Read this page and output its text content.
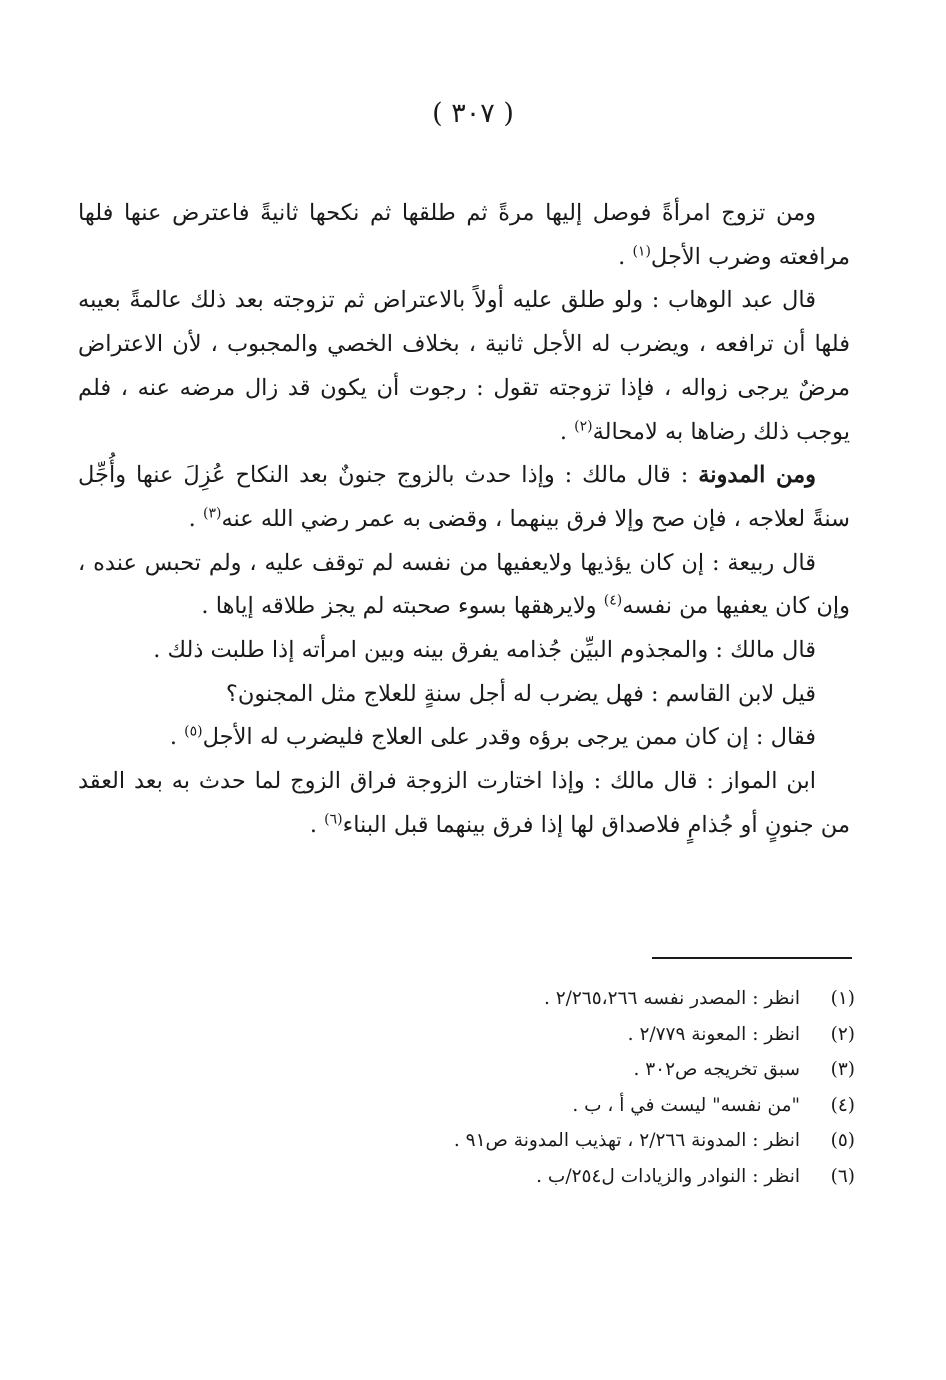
( ٣٠٧ )

ومن تزوج امرأةً فوصل إليها مرةً ثم طلقها ثم نكحها ثانيةً فاعترض عنها فلها مرافعته وضرب الأجل$^{(١)}$ .

قال عبد الوهاب : ولو طلق عليه أولاً بالاعتراض ثم تزوجته بعد ذلك عالمةً بعيبه فلها أن ترافعه ، ويضرب له الأجل ثانية ، بخلاف الخصي والمجبوب ، لأن الاعتراض مرضٌ يرجى زواله ، فإذا تزوجته تقول : رجوت أن يكون قد زال مرضه عنه ، فلم يوجب ذلك رضاها به لامحالة$^{(٢)}$ .

ومن المدونة : قال مالك : وإذا حدث بالزوج جنونٌ بعد النكاح عُزِلَ عنها وأُجِّل سنةً لعلاجه ، فإن صح وإلا فرق بينهما ، وقضى به عمر رضي الله عنه$^{(٣)}$ .

قال ربيعة : إن كان يؤذيها ولايعفيها من نفسه لم توقف عليه ، ولم تحبس عنده ، وإن كان يعفيها من نفسه$^{(٤)}$ ولايرهقها بسوء صحبته لم يجز طلاقه إياها .

قال مالك : والمجذوم البيِّن جُذامه يفرق بينه وبين امرأته إذا طلبت ذلك .

قيل لابن القاسم : فهل يضرب له أجل سنةٍ للعلاج مثل المجنون؟

فقال : إن كان ممن يرجى برؤه وقدر على العلاج فليضرب له الأجل$^{(٥)}$ .

ابن المواز : قال مالك : وإذا اختارت الزوجة فراق الزوج لما حدث به بعد العقد من جنونٍ أو جُذامٍ فلاصداق لها إذا فرق بينهما قبل البناء$^{(٦)}$ .

(١)
انظر : المصدر نفسه ٢/٢٦٥،٢٦٦ .
(٢)
انظر : المعونة ٢/٧٧٩ .
(٣)
سبق تخريجه ص٣٠٢ .
(٤)
"من نفسه" ليست في أ ، ب .
(٥)
انظر : المدونة ٢/٢٦٦ ، تهذيب المدونة ص٩١ .
(٦)
انظر : النوادر والزيادات ل٢٥٤/ب .
